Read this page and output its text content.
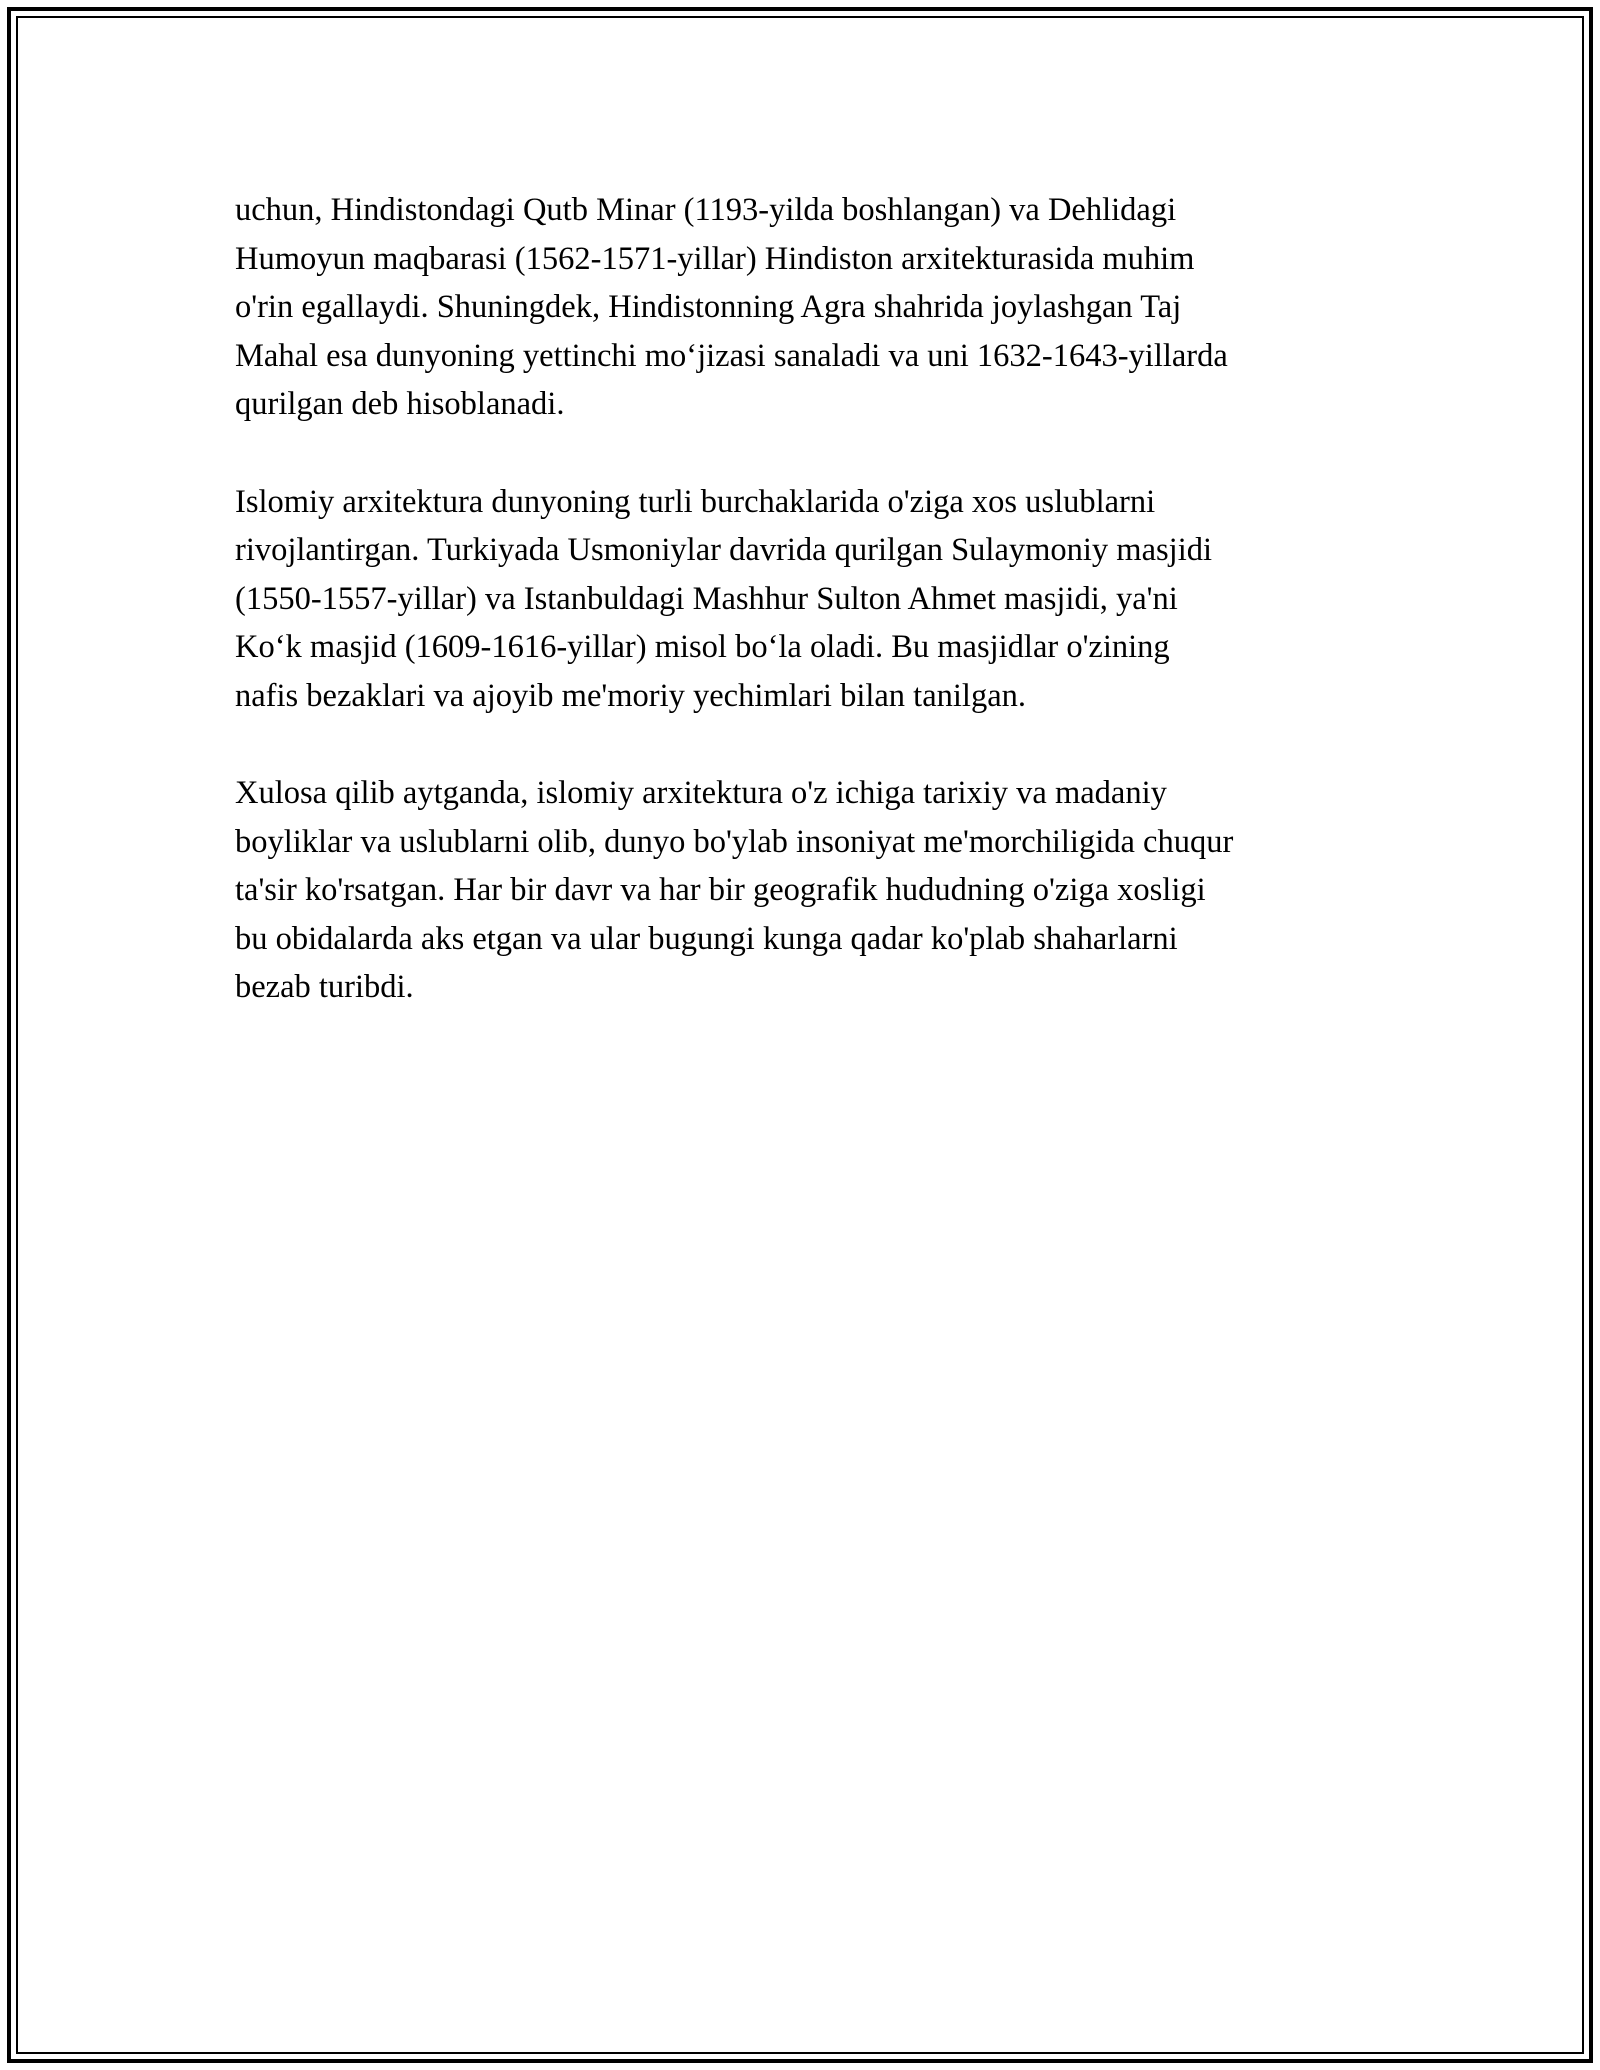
uchun, Hindistondagi Qutb Minar (1193-yilda boshlangan) va Dehlidagi
Humoyun maqbarasi (1562-1571-yillar) Hindiston arxitekturasida muhim
o'rin egallaydi. Shuningdek, Hindistonning Agra shahrida joylashgan Taj
Mahal esa dunyoning yettinchi mo‘jizasi sanaladi va uni 1632-1643-yillarda
qurilgan deb hisoblanadi.

Islomiy arxitektura dunyoning turli burchaklarida o'ziga xos uslublarni
rivojlantirgan. Turkiyada Usmoniylar davrida qurilgan Sulaymoniy masjidi
(1550-1557-yillar) va Istanbuldagi Mashhur Sulton Ahmet masjidi, ya'ni
Ko‘k masjid (1609-1616-yillar) misol bo‘la oladi. Bu masjidlar o'zining
nafis bezaklari va ajoyib me'moriy yechimlari bilan tanilgan.

Xulosa qilib aytganda, islomiy arxitektura o'z ichiga tarixiy va madaniy
boyliklar va uslublarni olib, dunyo bo'ylab insoniyat me'morchiligida chuqur
ta'sir ko'rsatgan. Har bir davr va har bir geografik hududning o'ziga xosligi
bu obidalarda aks etgan va ular bugungi kunga qadar ko'plab shaharlarni
bezab turibdi.
